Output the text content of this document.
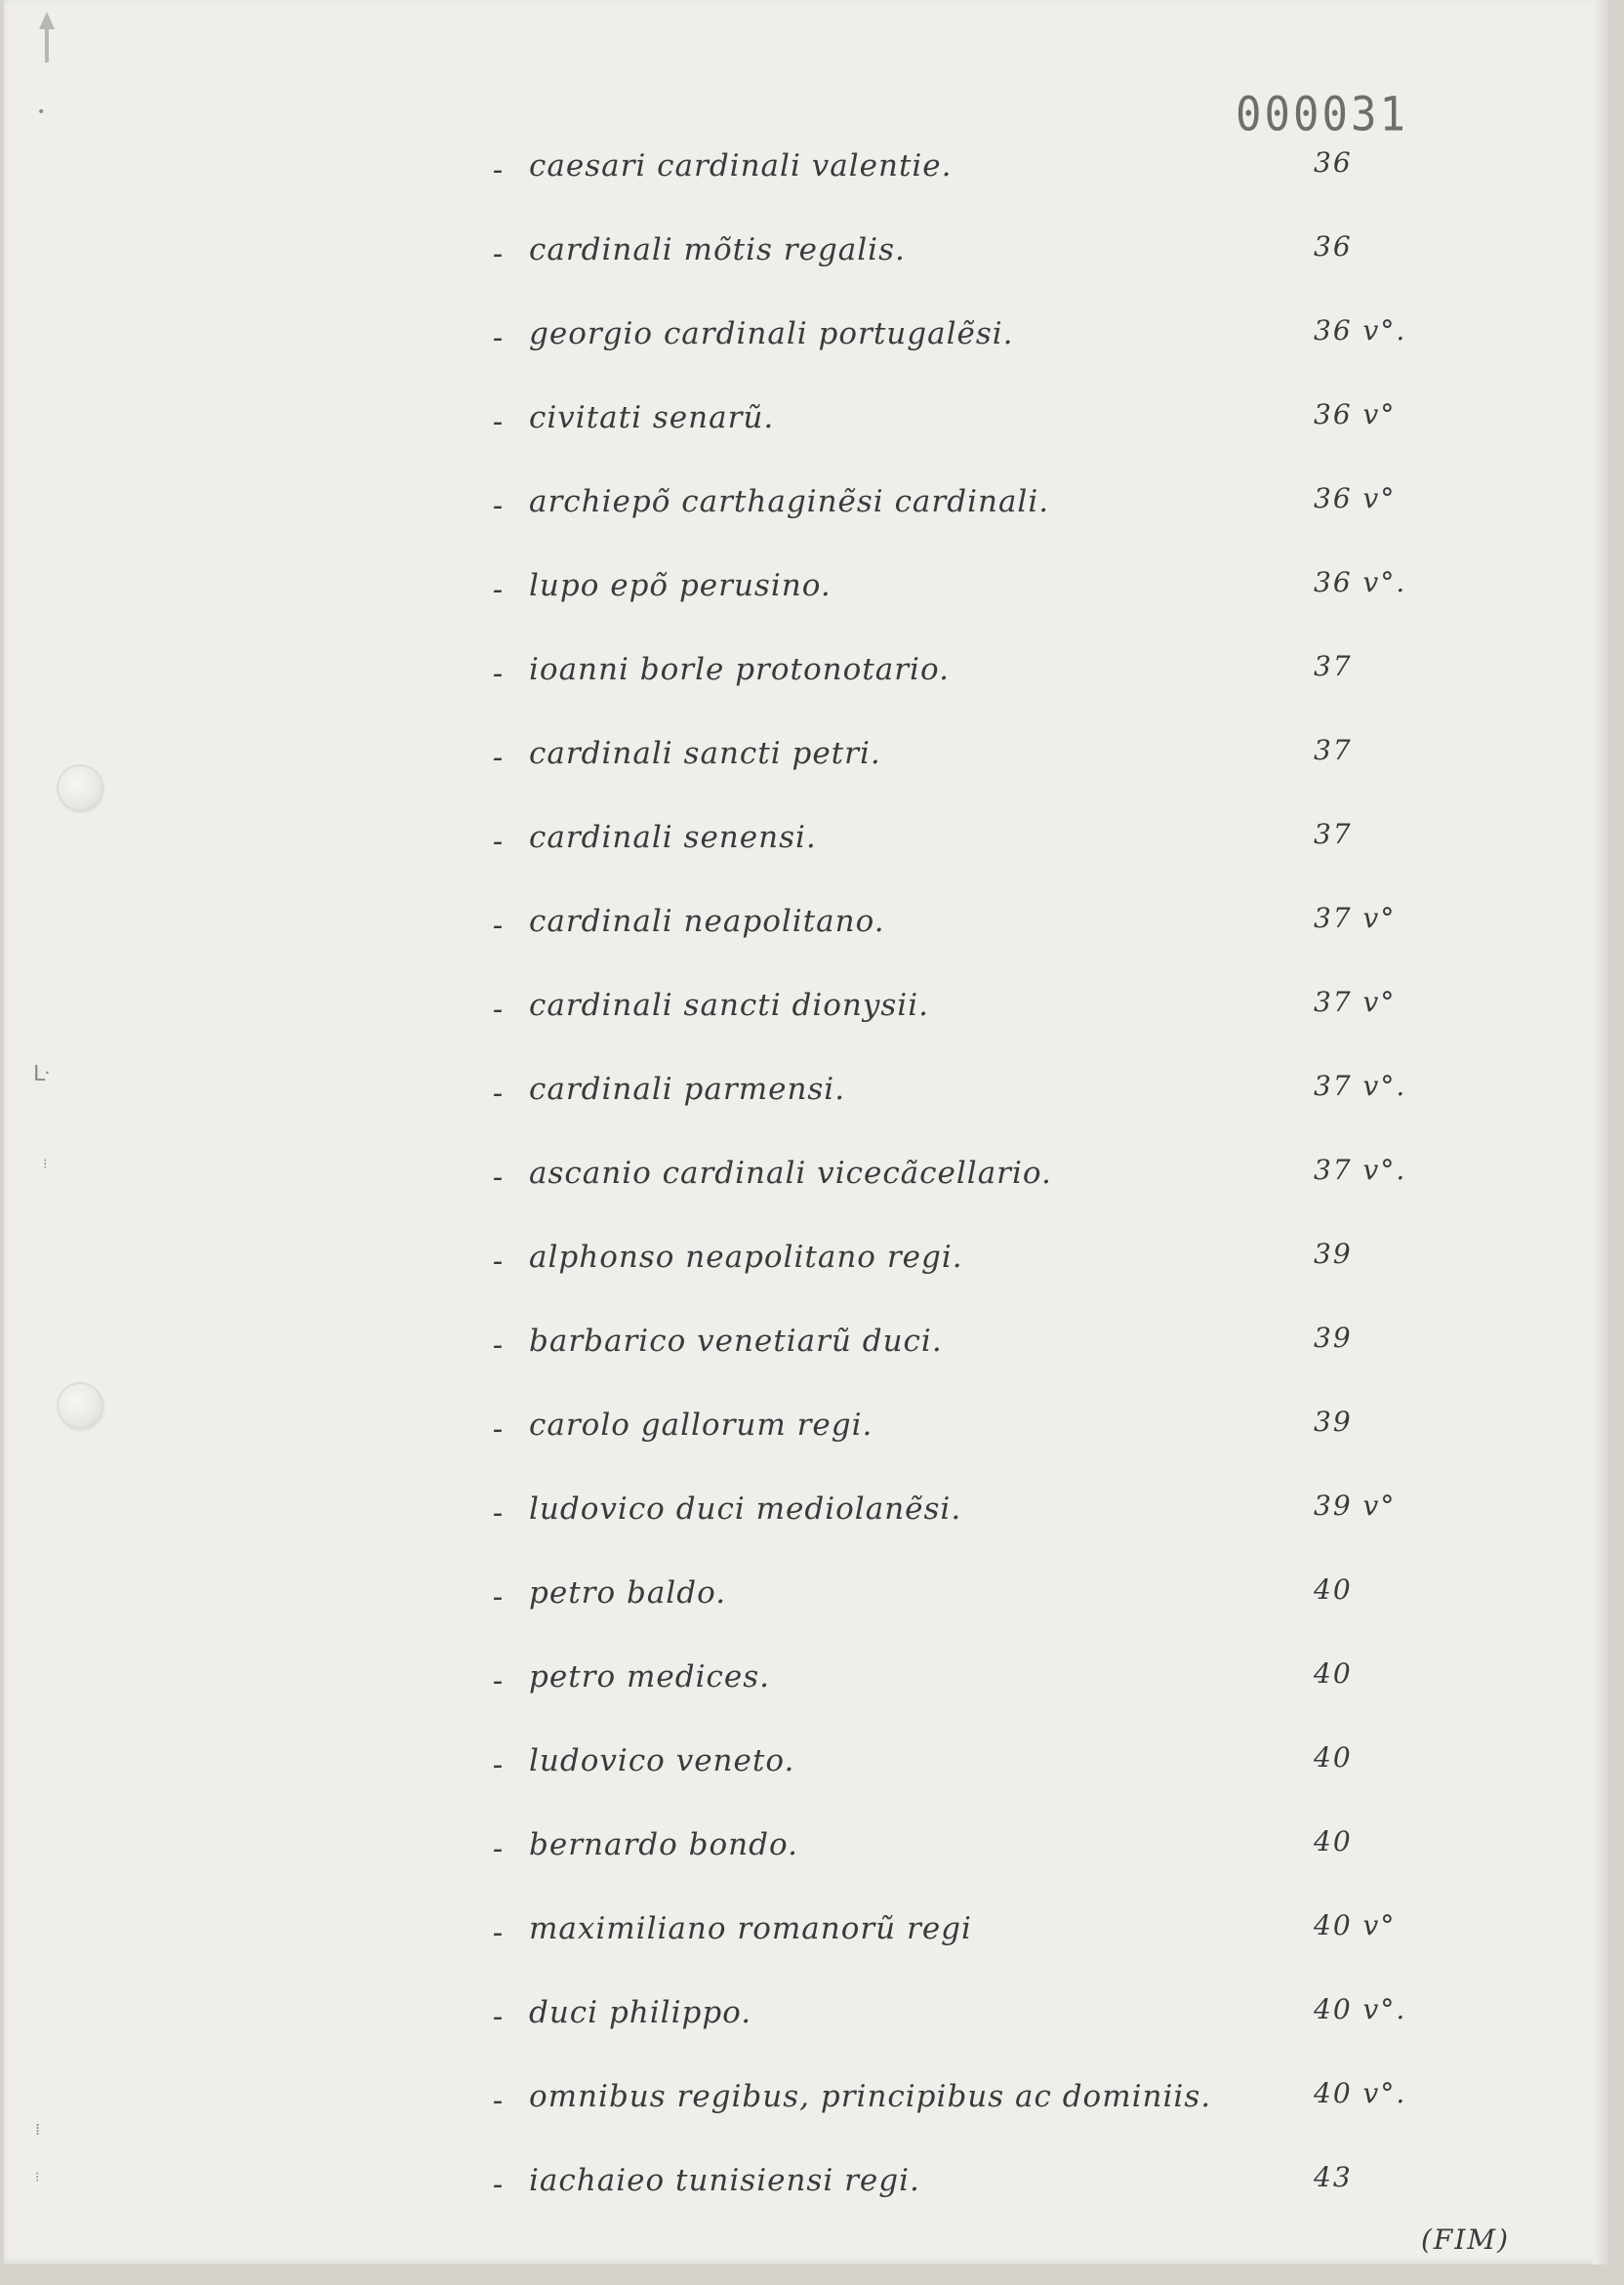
•
ᒷ
⁝
⁞
⁝
000031
- caesari cardinali valentie.	36
- cardinali mõtis regalis.	36
- georgio cardinali portugalẽsi.	36 v°.
- civitati senarũ.	36 v°
- archiepõ carthaginẽsi cardinali.	36 v°
- lupo epõ perusino.	36 v°.
- ioanni borle protonotario.	37
- cardinali sancti petri.	37
- cardinali senensi.	37
- cardinali neapolitano.	37 v°
- cardinali sancti dionysii.	37 v°
- cardinali parmensi.	37 v°.
- ascanio cardinali vicecãcellario.	37 v°.
- alphonso neapolitano regi.	39
- barbarico venetiarũ duci.	39
- carolo gallorum regi.	39
- ludovico duci mediolanẽsi.	39 v°
- petro baldo.	40
- petro medices.	40
- ludovico veneto.	40
- bernardo bondo.	40
- maximiliano romanorũ regi	40 v°
- duci philippo.	40 v°.
- omnibus regibus, principibus ac dominiis.	40 v°.
- iachaieo tunisiensi regi.	43
(FIM)
